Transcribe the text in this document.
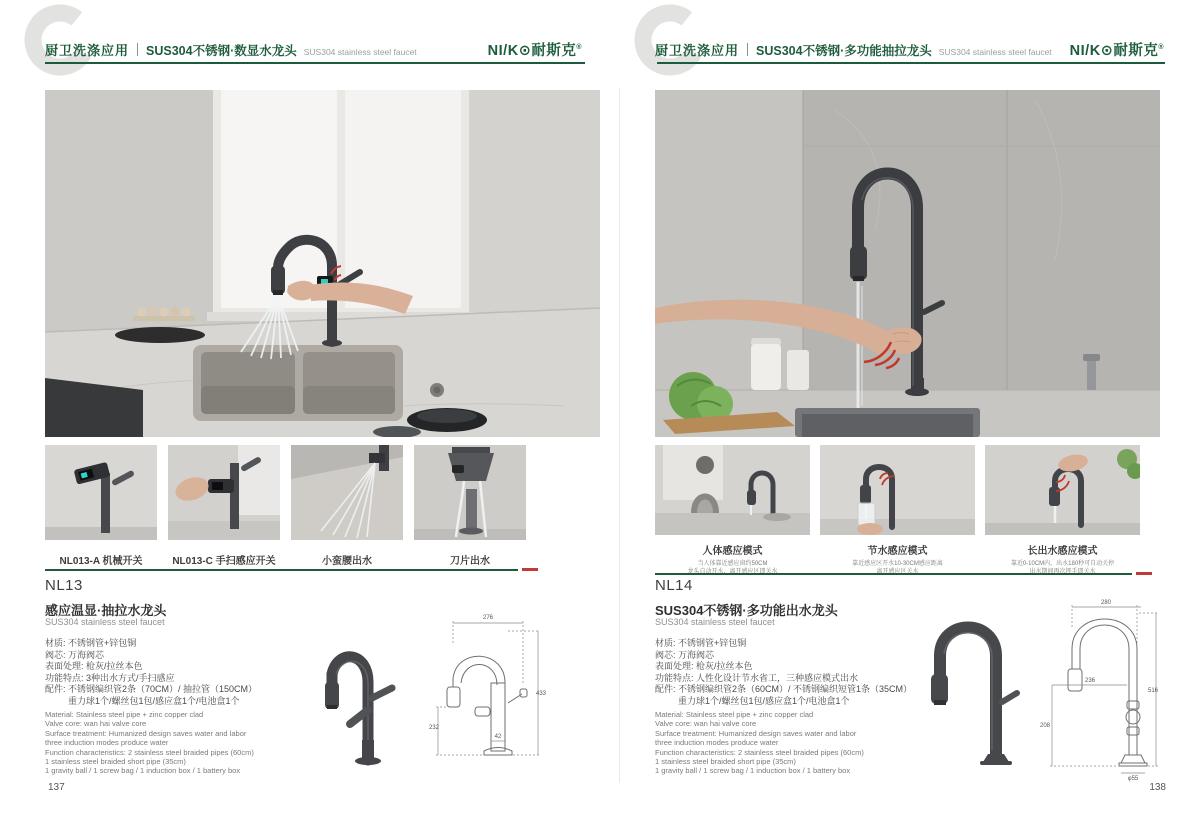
厨卫洗涤应用 SUS304不锈钢·数显水龙头 SUS304 stainless steel faucet	NI/K⊙耐斯克®
NL013-A 机械开关	NL013-C 手扫感应开关	小蛮腰出水	刀片出水
NL13
感应温显·抽拉水龙头
SUS304 stainless steel faucet
材质: 不锈钢管+锌包铜
阀芯: 万海阀芯
表面处理: 枪灰/拉丝本色
功能特点: 3种出水方式/手扫感应
配件: 不锈钢编织管2条（70CM）/ 抽拉管（150CM）
重力球1个/螺丝包1包/感应盒1个/电池盒1个
Material: Stainless steel pipe + zinc copper clad
Valve core: wan hai valve core
Surface treatment: Humanized design saves water and labor
three induction modes produce water
Function characteristics: 2 stainless steel braided pipes (60cm)
1 stainless steel braided short pipe (35cm)
1 gravity ball / 1 screw bag / 1 induction box / 1 battery box
276
433
232
42
137
厨卫洗涤应用 SUS304不锈钢·多功能抽拉龙头 SUS304 stainless steel faucet NI/K⊙耐斯克®
人体感应模式
当人体靠近感应窗约50CM
节水感应模式
靠近感应区开水10-30CM感应距离
长出水感应模式
靠近0-10CM内，出水180秒可自动关停
NL14
SUS304不锈钢·多功能出水龙头
SUS304 stainless steel faucet
材质: 不锈钢管+锌包铜
阀芯: 万海阀芯
表面处理: 枪灰/拉丝本色
功能特点: 人性化设计节水省工，三种感应模式出水
配件: 不锈钢编织管2条（60CM）/ 不锈钢编织短管1条（35CM）
重力球1个/螺丝包1包/感应盒1个/电池盒1个
Material: Stainless steel pipe + zinc copper clad
Valve core: wan hai valve core
Surface treatment: Humanized design saves water and labor
three induction modes produce water
Function characteristics: 2 stainless steel braided pipes (60cm)
1 stainless steel braided short pipe (35cm)
1 gravity ball / 1 screw bag / 1 induction box / 1 battery box
280
516
236
208
φ55
138
